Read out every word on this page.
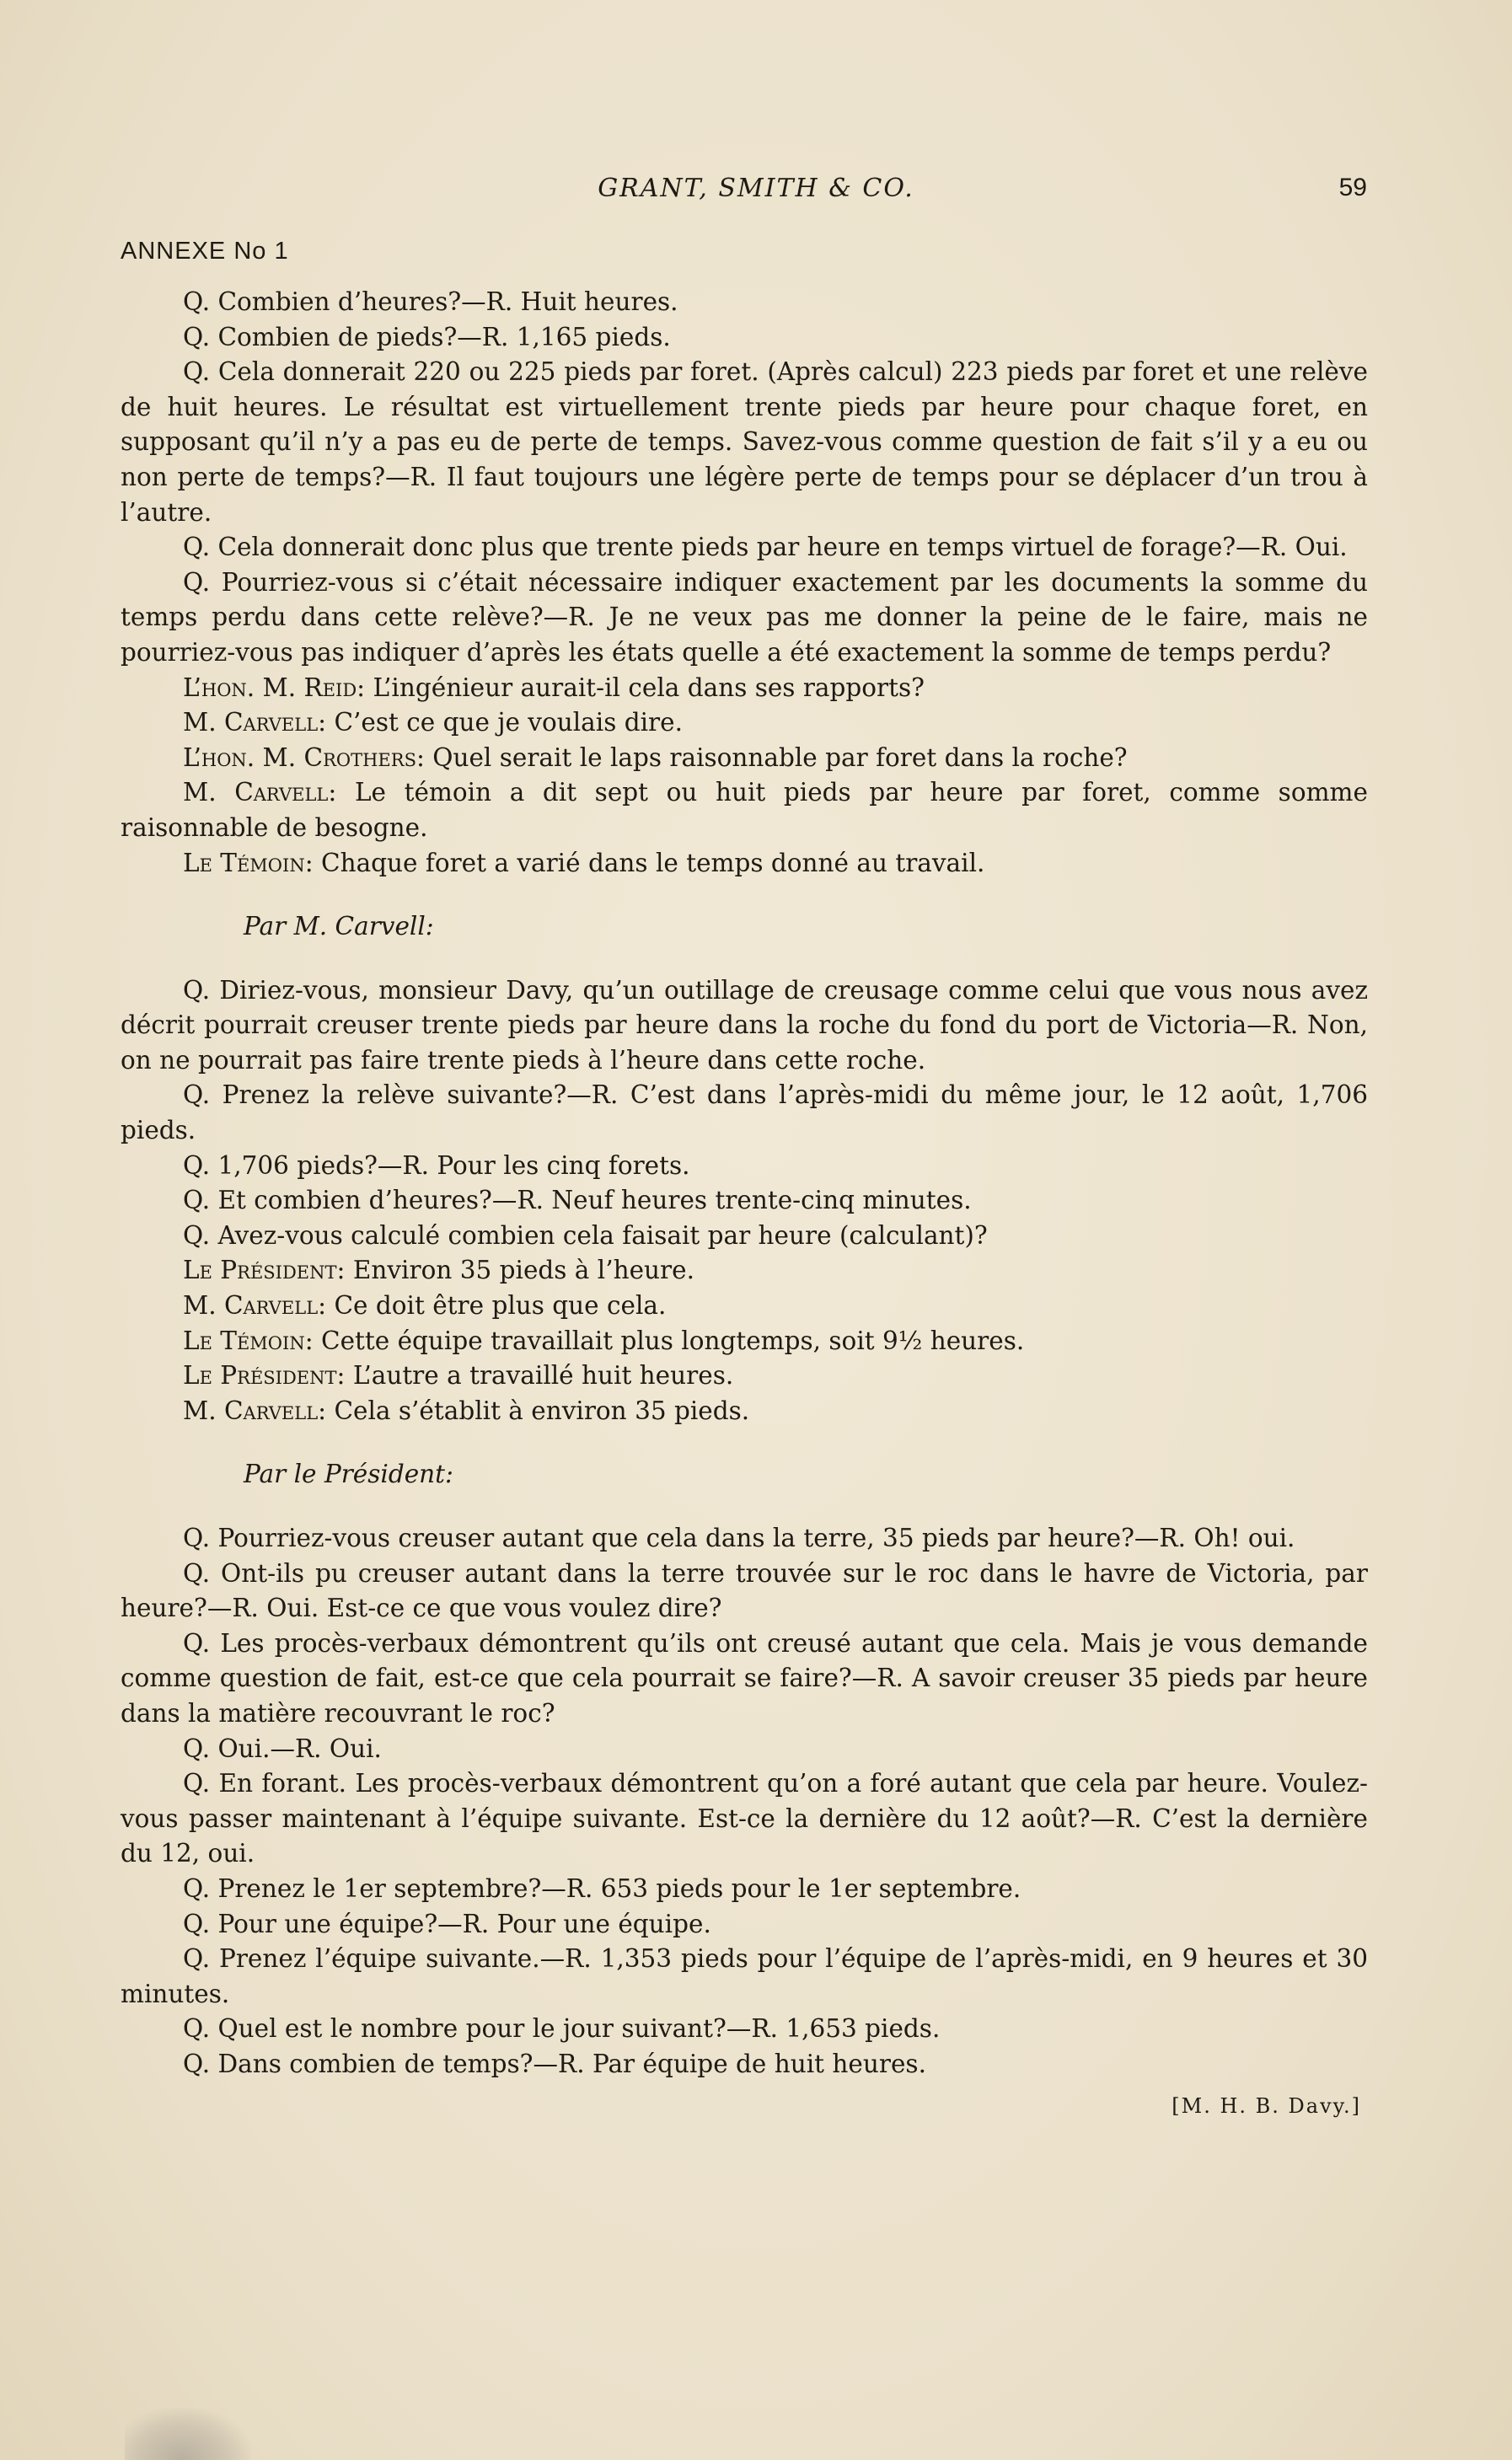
GRANT, SMITH & CO.	59
ANNEXE No 1

Q. Combien d’heures?—R. Huit heures.

Q. Combien de pieds?—R. 1,165 pieds.

Q. Cela donnerait 220 ou 225 pieds par foret. (Après calcul) 223 pieds par foret et une relève de huit heures. Le résultat est virtuellement trente pieds par heure pour chaque foret, en supposant qu’il n’y a pas eu de perte de temps. Savez-vous comme question de fait s’il y a eu ou non perte de temps?—R. Il faut toujours une légère perte de temps pour se déplacer d’un trou à l’autre.

Q. Cela donnerait donc plus que trente pieds par heure en temps virtuel de forage?—R. Oui.

Q. Pourriez-vous si c’était nécessaire indiquer exactement par les documents la somme du temps perdu dans cette relève?—R. Je ne veux pas me donner la peine de le faire, mais ne pourriez-vous pas indiquer d’après les états quelle a été exactement la somme de temps perdu?

L’hon. M. Reid: L’ingénieur aurait-il cela dans ses rapports?

M. Carvell: C’est ce que je voulais dire.

L’hon. M. Crothers: Quel serait le laps raisonnable par foret dans la roche?

M. Carvell: Le témoin a dit sept ou huit pieds par heure par foret, comme somme raisonnable de besogne.

Le Témoin: Chaque foret a varié dans le temps donné au travail.

Par M. Carvell:

Q. Diriez-vous, monsieur Davy, qu’un outillage de creusage comme celui que vous nous avez décrit pourrait creuser trente pieds par heure dans la roche du fond du port de Victoria—R. Non, on ne pourrait pas faire trente pieds à l’heure dans cette roche.

Q. Prenez la relève suivante?—R. C’est dans l’après-midi du même jour, le 12 août, 1,706 pieds.

Q. 1,706 pieds?—R. Pour les cinq forets.

Q. Et combien d’heures?—R. Neuf heures trente-cinq minutes.

Q. Avez-vous calculé combien cela faisait par heure (calculant)?

Le Président: Environ 35 pieds à l’heure.

M. Carvell: Ce doit être plus que cela.

Le Témoin: Cette équipe travaillait plus longtemps, soit 9½ heures.

Le Président: L’autre a travaillé huit heures.

M. Carvell: Cela s’établit à environ 35 pieds.

Par le Président:

Q. Pourriez-vous creuser autant que cela dans la terre, 35 pieds par heure?—R. Oh! oui.

Q. Ont-ils pu creuser autant dans la terre trouvée sur le roc dans le havre de Victoria, par heure?—R. Oui. Est-ce ce que vous voulez dire?

Q. Les procès-verbaux démontrent qu’ils ont creusé autant que cela. Mais je vous demande comme question de fait, est-ce que cela pourrait se faire?—R. A savoir creuser 35 pieds par heure dans la matière recouvrant le roc?

Q. Oui.—R. Oui.

Q. En forant. Les procès-verbaux démontrent qu’on a foré autant que cela par heure. Voulez-vous passer maintenant à l’équipe suivante. Est-ce la dernière du 12 août?—R. C’est la dernière du 12, oui.

Q. Prenez le 1er septembre?—R. 653 pieds pour le 1er septembre.

Q. Pour une équipe?—R. Pour une équipe.

Q. Prenez l’équipe suivante.—R. 1,353 pieds pour l’équipe de l’après-midi, en 9 heures et 30 minutes.

Q. Quel est le nombre pour le jour suivant?—R. 1,653 pieds.

Q. Dans combien de temps?—R. Par équipe de huit heures.

[M. H. B. Davy.]
